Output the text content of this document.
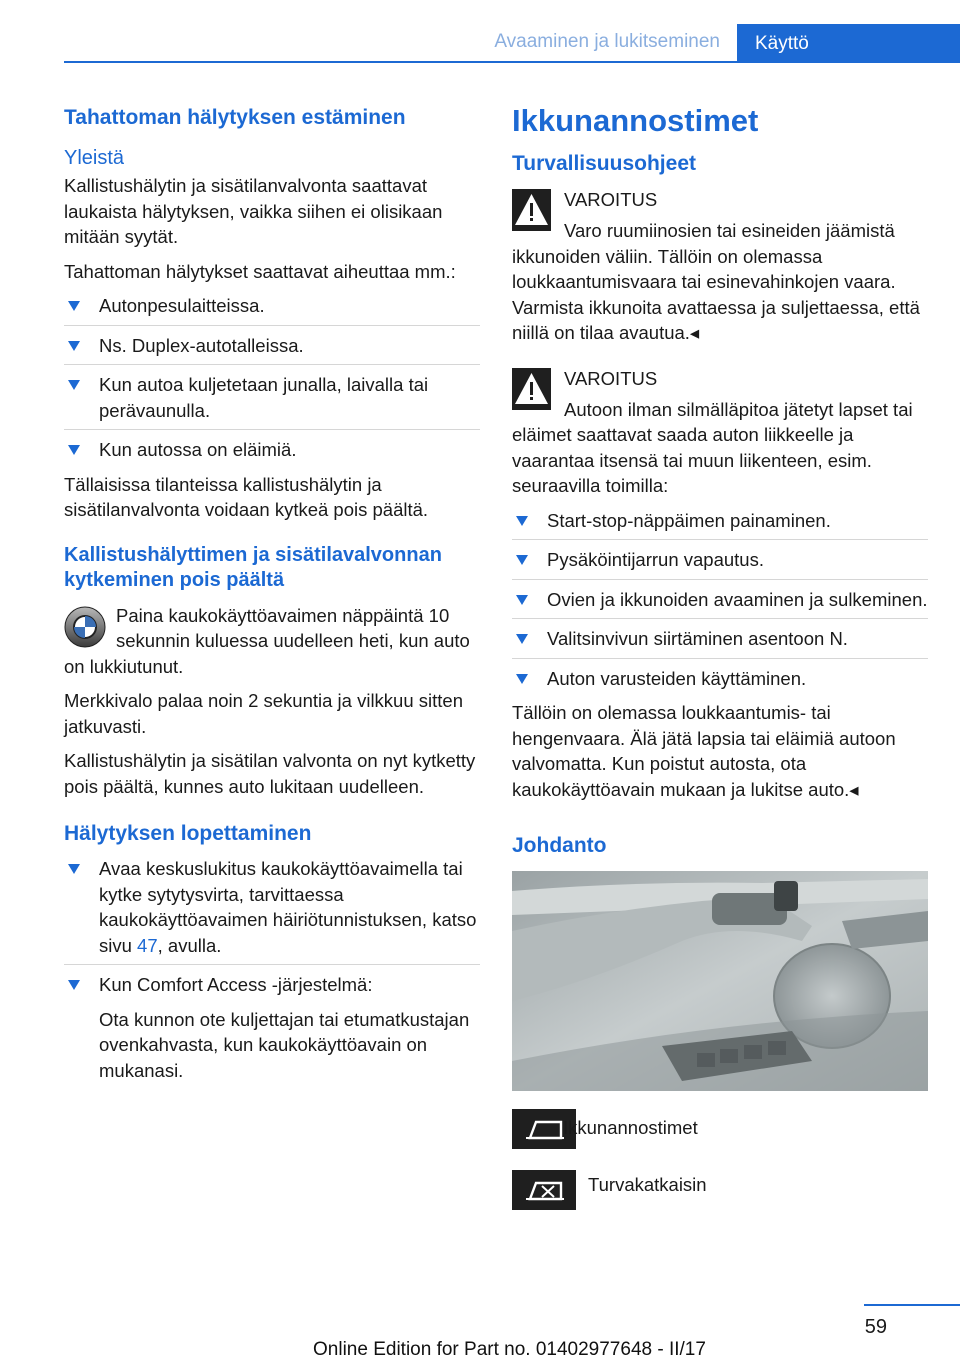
Avaaminen ja lukitseminen	Käyttö
Tahattoman hälytyksen estäminen
Yleistä

Kallistushälytin ja sisätilanvalvonta saattavat laukaista hälytyksen, vaikka siihen ei olisikaan mitään syytät.

Tahattoman hälytykset saattavat aiheuttaa mm.:

Autonpesulaitteissa.
Ns. Duplex-autotalleissa.
Kun autoa kuljetetaan junalla, laivalla tai perävaunulla.
Kun autossa on eläimiä.

Tällaisissa tilanteissa kallistushälytin ja sisätilanvalvonta voidaan kytkeä pois päältä.

Kallistushälyttimen ja sisätilavalvonnan kytkeminen pois päältä

Paina kaukokäyttöavaimen näppäintä 10 sekunnin kuluessa uudelleen heti, kun auto on lukkiutunut.

Merkkivalo palaa noin 2 sekuntia ja vilkkuu sitten jatkuvasti.

Kallistushälytin ja sisätilan valvonta on nyt kytketty pois päältä, kunnes auto lukitaan uudelleen.

Hälytyksen lopettaminen
Avaa keskuslukitus kaukokäyttöavaimella tai kytke sytytysvirta, tarvittaessa kaukokäyttöavaimen häiriötunnistuksen, katso sivu 47, avulla.
Kun Comfort Access -järjestelmä:
Ota kunnon ote kuljettajan tai etumatkustajan ovenkahvasta, kun kaukokäyttöavain on mukanasi.
Ikkunannostimet
Turvallisuusohjeet
VAROITUS

Varo ruumiinosien tai esineiden jäämistä ikkunoiden väliin. Tällöin on olemassa loukkaantumisvaara tai esinevahinkojen vaara. Varmista ikkunoita avattaessa ja suljettaessa, että niillä on tilaa avautua.◂

VAROITUS

Autoon ilman silmälläpitoa jätetyt lapset tai eläimet saattavat saada auton liikkeelle ja vaarantaa itsensä tai muun liikenteen, esim. seuraavilla toimilla:

Start-stop-näppäimen painaminen.
Pysäköintijarrun vapautus.
Ovien ja ikkunoiden avaaminen ja sulkeminen.
Valitsinvivun siirtäminen asentoon N.
Auton varusteiden käyttäminen.

Tällöin on olemassa loukkaantumis- tai hengenvaara. Älä jätä lapsia tai eläimiä autoon valvomatta. Kun poistut autosta, ota kaukokäyttöavain mukaan ja lukitse auto.◂

Johdanto
Ikkunannostimet
Turvakatkaisin
59
Online Edition for Part no. 01402977648 - II/17
